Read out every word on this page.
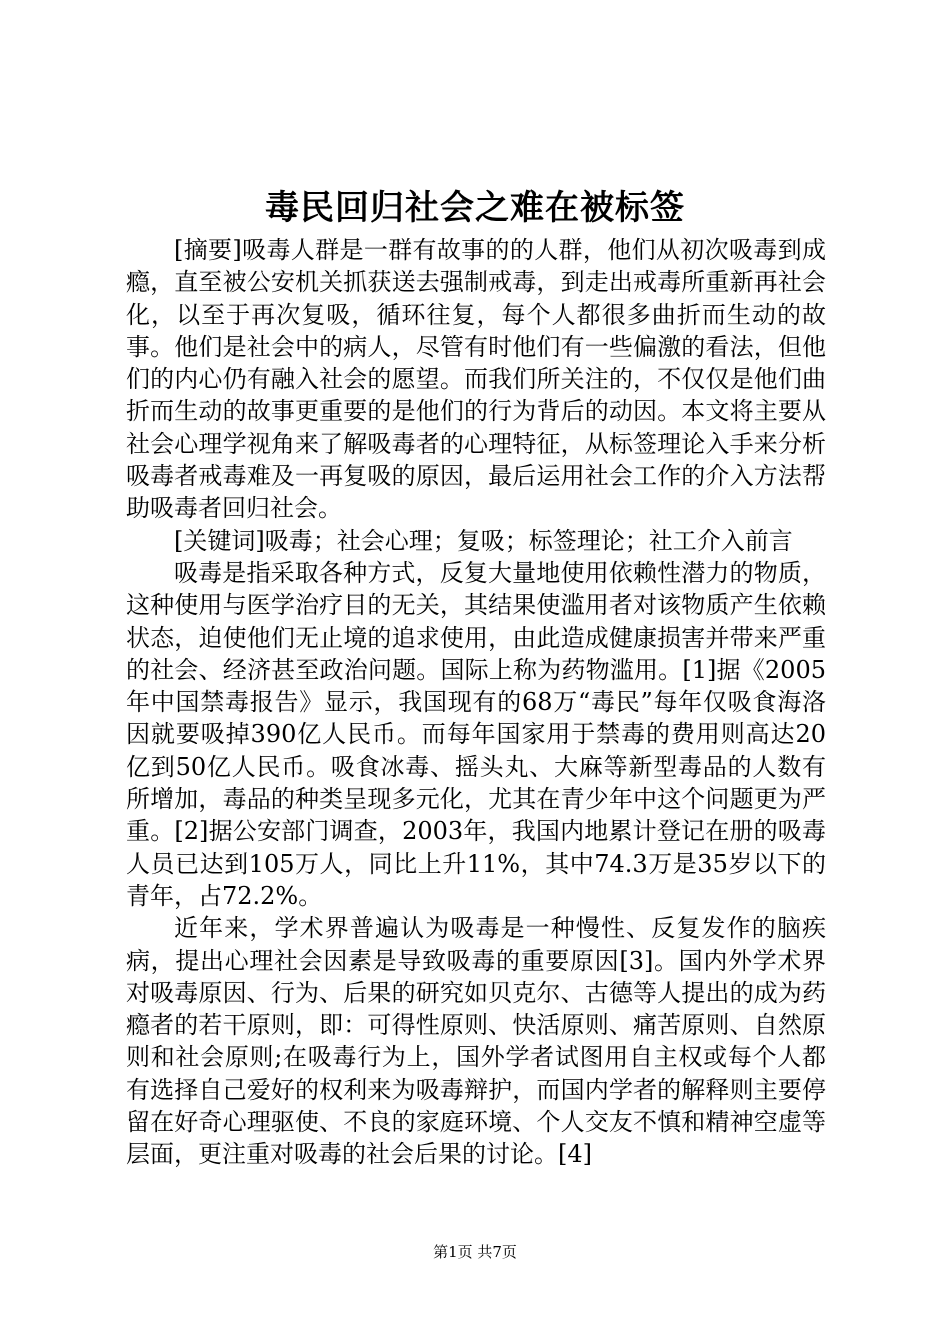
毒民回归社会之难在被标签

[摘要]吸毒人群是一群有故事的的人群，他们从初次吸毒到成瘾，直至被公安机关抓获送去强制戒毒，到走出戒毒所重新再社会化，以至于再次复吸，循环往复，每个人都很多曲折而生动的故事。他们是社会中的病人，尽管有时他们有一些偏激的看法，但他们的内心仍有融入社会的愿望。而我们所关注的，不仅仅是他们曲折而生动的故事更重要的是他们的行为背后的动因。本文将主要从社会心理学视角来了解吸毒者的心理特征，从标签理论入手来分析吸毒者戒毒难及一再复吸的原因，最后运用社会工作的介入方法帮助吸毒者回归社会。

[关键词]吸毒；社会心理；复吸；标签理论；社工介入前言

吸毒是指采取各种方式，反复大量地使用依赖性潜力的物质，这种使用与医学治疗目的无关，其结果使滥用者对该物质产生依赖状态，迫使他们无止境的追求使用，由此造成健康损害并带来严重的社会、经济甚至政治问题。国际上称为药物滥用。[1]据《2005年中国禁毒报告》显示，我国现有的68万“毒民”每年仅吸食海洛因就要吸掉390亿人民币。而每年国家用于禁毒的费用则高达20亿到50亿人民币。吸食冰毒、摇头丸、大麻等新型毒品的人数有所增加，毒品的种类呈现多元化，尤其在青少年中这个问题更为严重。[2]据公安部门调查，2003年，我国内地累计登记在册的吸毒人员已达到105万人，同比上升11%，其中74.3万是35岁以下的青年，占72.2%。

近年来，学术界普遍认为吸毒是一种慢性、反复发作的脑疾病，提出心理社会因素是导致吸毒的重要原因[3]。国内外学术界对吸毒原因、行为、后果的研究如贝克尔、古德等人提出的成为药瘾者的若干原则，即：可得性原则、快活原则、痛苦原则、自然原则和社会原则;在吸毒行为上，国外学者试图用自主权或每个人都有选择自己爱好的权利来为吸毒辩护，而国内学者的解释则主要停留在好奇心理驱使、不良的家庭环境、个人交友不慎和精神空虚等层面，更注重对吸毒的社会后果的讨论。[4]

第1页 共7页
